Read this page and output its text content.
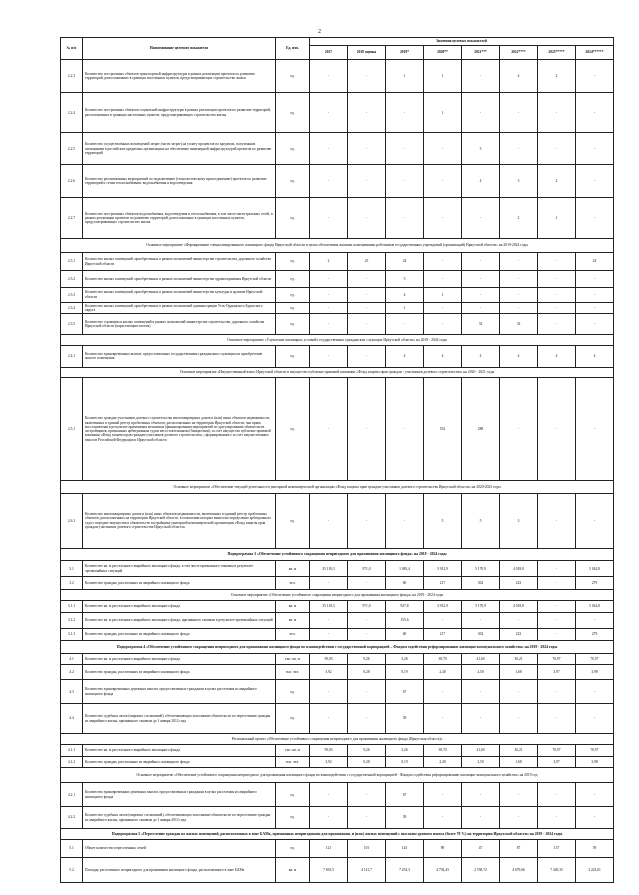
2
№ п/п	Наименование целевого показателя	Ед. изм.	Значения целевых показателей							
			2017	2018 оценка	2019*	2020**	2021***	2022****	2023*****	2024******
2.2.3	Количество построенных объектов транспортной инфраструктуры в рамках реализации проектов по развитию территорий, расположенных в границах населенных пунктов, предусматривающих строительство жилья	ед.	-	-	1	1	-	4	2	-
2.2.4	Количество построенных объектов социальной инфраструктуры в рамках реализации проектов по развитию территорий, расположенных в границах населенных пунктов, предусматривающих строительство жилья	ед.	-	-	-	1	-	-	-	-
2.2.5	Количество осуществлённых возмещений затрат (части затрат) на уплату процентов по кредитам, полученным заемщиками в российских кредитных организациях на обеспечение инженерной инфраструктурой проектов по развитию территорий	ед.	-	-	-	-	3	-	-	-
2.2.6	Количество реализованных мероприятий по подключению (технологическому присоединению) проектов по развитию территорий к сетям теплоснабжения, водоснабжения и водоотведения	ед.	-	-	-	-	4	5	2	-
2.2.7	Количество построенных объектов водоснабжения, водоотведения и теплоснабжения, в том числе магистральных сетей, в рамках реализации проектов по развитию территорий, расположенных в границах населенных пунктов, предусматривающих строительство жилья	ед.	-	-	-	-	-	2	1	-
Основное мероприятие «Формирование специализированного жилищного фонда Иркутской области в целях обеспечения жилыми помещениями работников государственных учреждений (организаций) Иркутской области» на 2019-2024 годы										
2.3.1	Количество жилых помещений, приобретенных в рамках полномочий министерства строительства, дорожного хозяйства Иркутской области	ед.	2	25	24	-	-	-	-	24
2.3.2	Количество жилых помещений, приобретенных в рамках полномочий министерства здравоохранения Иркутской области	ед.	-	-	5	-	-	-	-	-
2.3.3	Количество жилых помещений, приобретенных в рамках полномочий министерства культуры и архивов Иркутской области	ед.	-	-	4	1	-	-	-	-
2.3.4	Количество жилых помещений, приобретенных в рамках полномочий администрации Усть-Ордынского Бурятского округа	ед.	-	-	1	-	-	-	-	-
2.3.5	Количество строящихся жилых помещений в рамках полномочий министерства строительства, дорожного хозяйства Иркутской области (нарастающим итогом)	ед.	-	-	-	-	33	33	-	-
Основное мероприятие «Улучшение жилищных условий государственных гражданских служащих Иркутской области» на 2019 - 2024 годы										
2.4.1	Количество единовременных выплат, предоставленных государственным гражданским служащим на приобретение жилого помещения	ед.	-	-	4	4	4	4	4	4
Основное мероприятие «Имущественный взнос Иркутской области в имущество публично-правовой компании «Фонд защиты прав граждан - участников долевого строительства» на 2020 - 2021 годы										
2.5.1	Количество граждан-участников долевого строительства многоквартирных домов и (или) иных объектов недвижимости, включенных в единый реестр проблемных объектов, расположенных на территории Иркутской области, чьи права восстановлены в результате применения механизма (финансирования мероприятий по урегулированию обязательств застройщиков, признанных арбитражным судом несостоятельными (банкротами), за счет имущества публично-правовой компании «Фонд защиты прав граждан-участников долевого строительства», сформированного за счет имущественных взносов Российской Федерации и Иркутской области	ед.	-	-	-	552	288	-	-	-
Основное мероприятие «Обеспечение текущей деятельности унитарной некоммерческой организации «Фонд защиты прав граждан-участников долевого строительства Иркутской области» на 2020-2023 годы										
2.6.1	Количество многоквартирных домов и (или) иных объектов недвижимости, включенных в единый реестр проблемных объектов, расположенных на территории Иркутской области, в отношении которых вынесено определение арбитражного суда о передаче имущества и обязательств застройщика унитарной некоммерческой организации «Фонд защиты прав граждан-участников долевого строительства Иркутской области»	ед.	-	-	-	5	5	3	-	-
Подпрограмма 3 «Обеспечение устойчивого сокращения непригодного для проживания жилищного фонда» на 2019 - 2024 годы										
3.1	Количество кв. м расселенного аварийного жилищного фонда, в том числе признанного таковым в результате чрезвычайных ситуаций	кв. м	35 118,3	971,0	1 083,4	3 912,9	5 170,9	4 018,8	-	5 024,8
3.2	Количество граждан, расселенных из аварийного жилищного фонда	чел.	-	-	60	217	302	223	-	279
Основное мероприятие «Обеспечение устойчивого сокращения непригодного для проживания жилищного фонда» на 2019 - 2024 годы										
3.1.1	Количество кв. м расселенного аварийного жилищного фонда	кв. м	35 118,3	971,0	927,8	3 912,9	5 170,9	4 018,8	-	5 024,8
3.1.2	Количество кв. м расселенного аварийного жилищного фонда, признанного таковым в результате чрезвычайных ситуаций	кв. м	-	-	155,6	-	-	-	-	-
3.1.3	Количество граждан, расселенных из аварийного жилищного фонда	чел.	-	-	60	217	302	223	-	279
Подпрограмма 4 «Обеспечение устойчивого сокращения непригодного для проживания жилищного фонда во взаимодействии с государственной корпорацией – Фондом содействия реформированию жилищно-коммунального хозяйства» на 2019 - 2024 годы										
4.1	Количество кв. м расселенного аварийного жилищного фонда	тыс. кв. м	59,03	9,26	3,26	38,70	41,60	30,21	70,97	70,97
4.2	Количество граждан, расселенных из аварийного жилищного фонда	тыс. чел.	3,92	0,28	0,19	2,40	2,50	1,68	3,97	3,98
4.3	Количество единовременных денежных выплат, предоставленных гражданам в целях расселения из аварийного жилищного фонда	ед.	-	-	67	-	-	-	-	-
4.4	Количество судебных актов (мировых соглашений), обеспечивающих исполнение обязательств по переселению граждан из аварийного жилья, признанного таковым до 1 января 2012 года	ед.	-	-	39	-	-	-	-	-
Региональный проект «Обеспечение устойчивого сокращения непригодного для проживания жилищного фонда (Иркутская область)»										
4.1.1	Количество кв. м расселенного аварийного жилищного фонда	тыс. кв. м	59,03	9,26	3,26	38,70	41,60	30,21	70,97	70,97
4.1.2	Количество граждан, расселенных из аварийного жилищного фонда	тыс. чел.	3,92	0,28	0,19	2,40	2,50	1,68	3,97	3,98
Основное мероприятие «Обеспечение устойчивого сокращения непригодного для проживания жилищного фонда во взаимодействии с государственной корпорацией - Фондом содействия реформированию жилищно-коммунального хозяйства» на 2019 год										
4.2.1	Количество единовременных денежных выплат, предоставленных гражданам в целях расселения из аварийного жилищного фонда	ед.	-	-	67	-	-	-	-	-
4.2.2	Количество судебных актов (мировых соглашений), обеспечивающих исполнение обязательств по переселению граждан из аварийного жилья, признанного таковым до 1 января 2012 года	ед.	-	-	39	-	-	-	-	-
Подпрограмма 5 «Переселение граждан из жилых помещений, расположенных в зоне БАМа, признанных непригодными для проживания, и (или) жилых помещений с высоким уровнем износа (более 70 %) на территории Иркутской области» на 2019 - 2024 годы										
5.1	Общее количество переселенных семей	ед.	121	101	143	89	47	87	137	59
5.2	Площадь расселенного непригодного для проживания жилищного фонда, расположенного в зоне БАМа	кв. м	7 692,5	4 141,7	7 252,3	4 792,43	2 558,72	4 679,66	7 420,35	3 223,01
